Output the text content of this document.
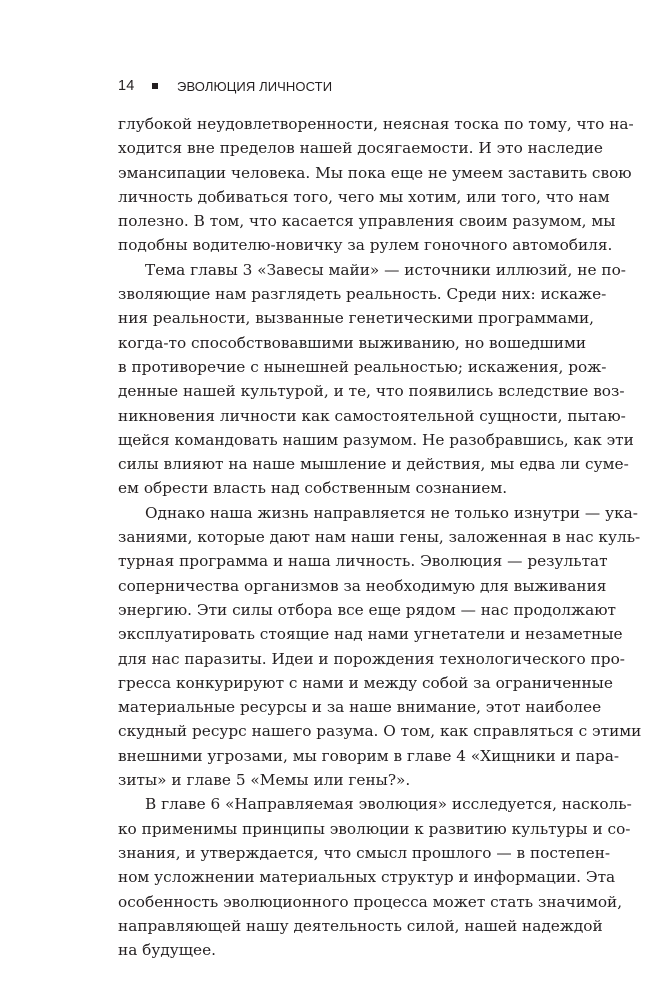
14	ЭВОЛЮЦИЯ ЛИЧНОСТИ
глубокой неудовлетворенности, неясная тоска по тому, что на-
ходится вне пределов нашей досягаемости. И это наследие
эмансипации человека. Мы пока еще не умеем заставить свою
личность добиваться того, чего мы хотим, или того, что нам
полезно. В том, что касается управления своим разумом, мы
подобны водителю-новичку за рулем гоночного автомобиля.
Тема главы 3 «Завесы майи» — источники иллюзий, не по-
зволяющие нам разглядеть реальность. Среди них: искаже-
ния реальности, вызванные генетическими программами,
когда-то способствовавшими выживанию, но вошедшими
в противоречие с нынешней реальностью; искажения, рож-
денные нашей культурой, и те, что появились вследствие воз-
никновения личности как самостоятельной сущности, пытаю-
щейся командовать нашим разумом. Не разобравшись, как эти
силы влияют на наше мышление и действия, мы едва ли суме-
ем обрести власть над собственным сознанием.
Однако наша жизнь направляется не только изнутри — ука-
заниями, которые дают нам наши гены, заложенная в нас куль-
турная программа и наша личность. Эволюция — результат
соперничества организмов за необходимую для выживания
энергию. Эти силы отбора все еще рядом — нас продолжают
эксплуатировать стоящие над нами угнетатели и незаметные
для нас паразиты. Идеи и порождения технологического про-
гресса конкурируют с нами и между собой за ограниченные
материальные ресурсы и за наше внимание, этот наиболее
скудный ресурс нашего разума. О том, как справляться с этими
внешними угрозами, мы говорим в главе 4 «Хищники и пара-
зиты» и главе 5 «Мемы или гены?».
В главе 6 «Направляемая эволюция» исследуется, насколь-
ко применимы принципы эволюции к развитию культуры и со-
знания, и утверждается, что смысл прошлого — в постепен-
ном усложнении материальных структур и информации. Эта
особенность эволюционного процесса может стать значимой,
направляющей нашу деятельность силой, нашей надеждой
на будущее.
